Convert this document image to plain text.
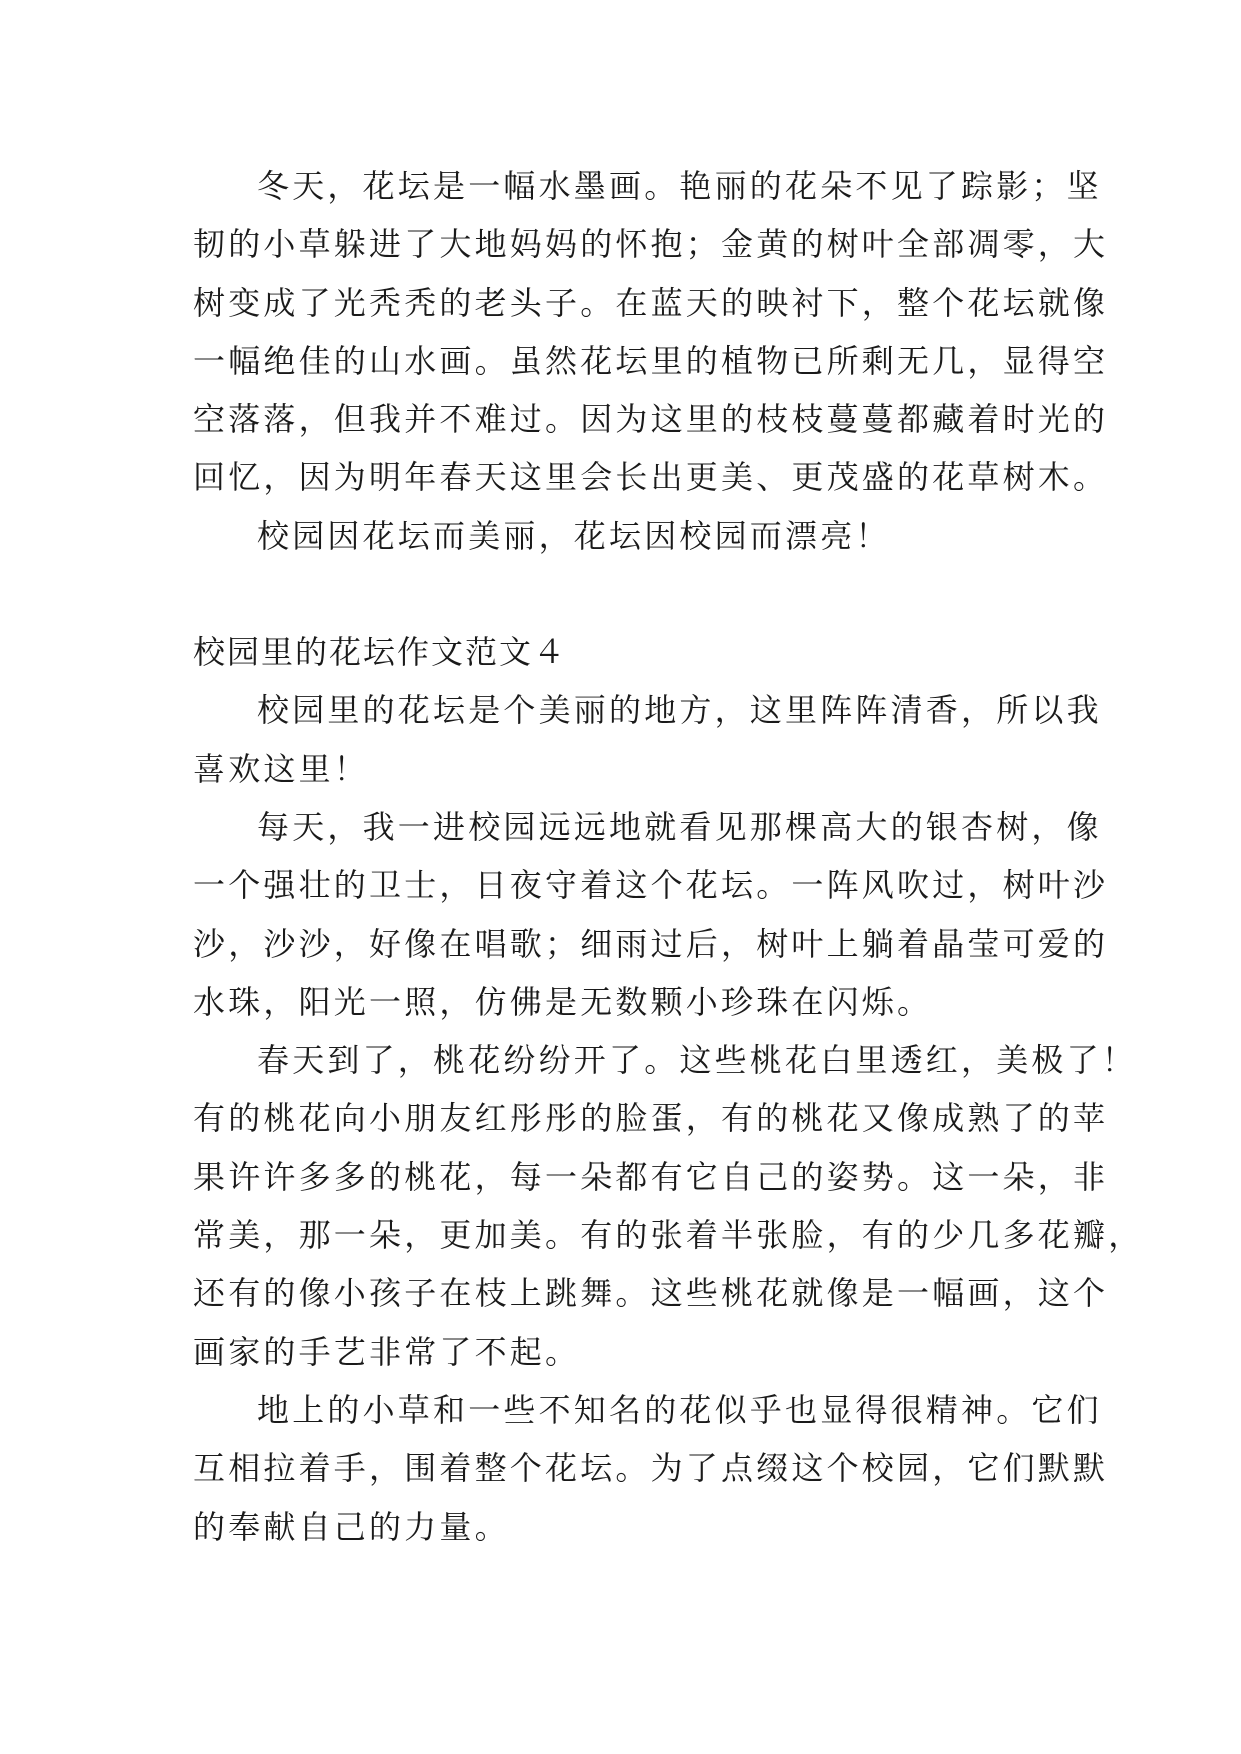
冬天，花坛是一幅水墨画。艳丽的花朵不见了踪影；坚
韧的小草躲进了大地妈妈的怀抱；金黄的树叶全部凋零，大
树变成了光秃秃的老头子。在蓝天的映衬下，整个花坛就像
一幅绝佳的山水画。虽然花坛里的植物已所剩无几，显得空
空落落，但我并不难过。因为这里的枝枝蔓蔓都藏着时光的
回忆，因为明年春天这里会长出更美、更茂盛的花草树木。
校园因花坛而美丽，花坛因校园而漂亮！
校园里的花坛作文范文４
校园里的花坛是个美丽的地方，这里阵阵清香，所以我
喜欢这里！
每天，我一进校园远远地就看见那棵高大的银杏树，像
一个强壮的卫士，日夜守着这个花坛。一阵风吹过，树叶沙
沙，沙沙，好像在唱歌；细雨过后，树叶上躺着晶莹可爱的
水珠，阳光一照，仿佛是无数颗小珍珠在闪烁。
春天到了，桃花纷纷开了。这些桃花白里透红，美极了！
有的桃花向小朋友红彤彤的脸蛋，有的桃花又像成熟了的苹
果许许多多的桃花，每一朵都有它自己的姿势。这一朵，非
常美，那一朵，更加美。有的张着半张脸，有的少几多花瓣，
还有的像小孩子在枝上跳舞。这些桃花就像是一幅画，这个
画家的手艺非常了不起。
地上的小草和一些不知名的花似乎也显得很精神。它们
互相拉着手，围着整个花坛。为了点缀这个校园，它们默默
的奉献自己的力量。
